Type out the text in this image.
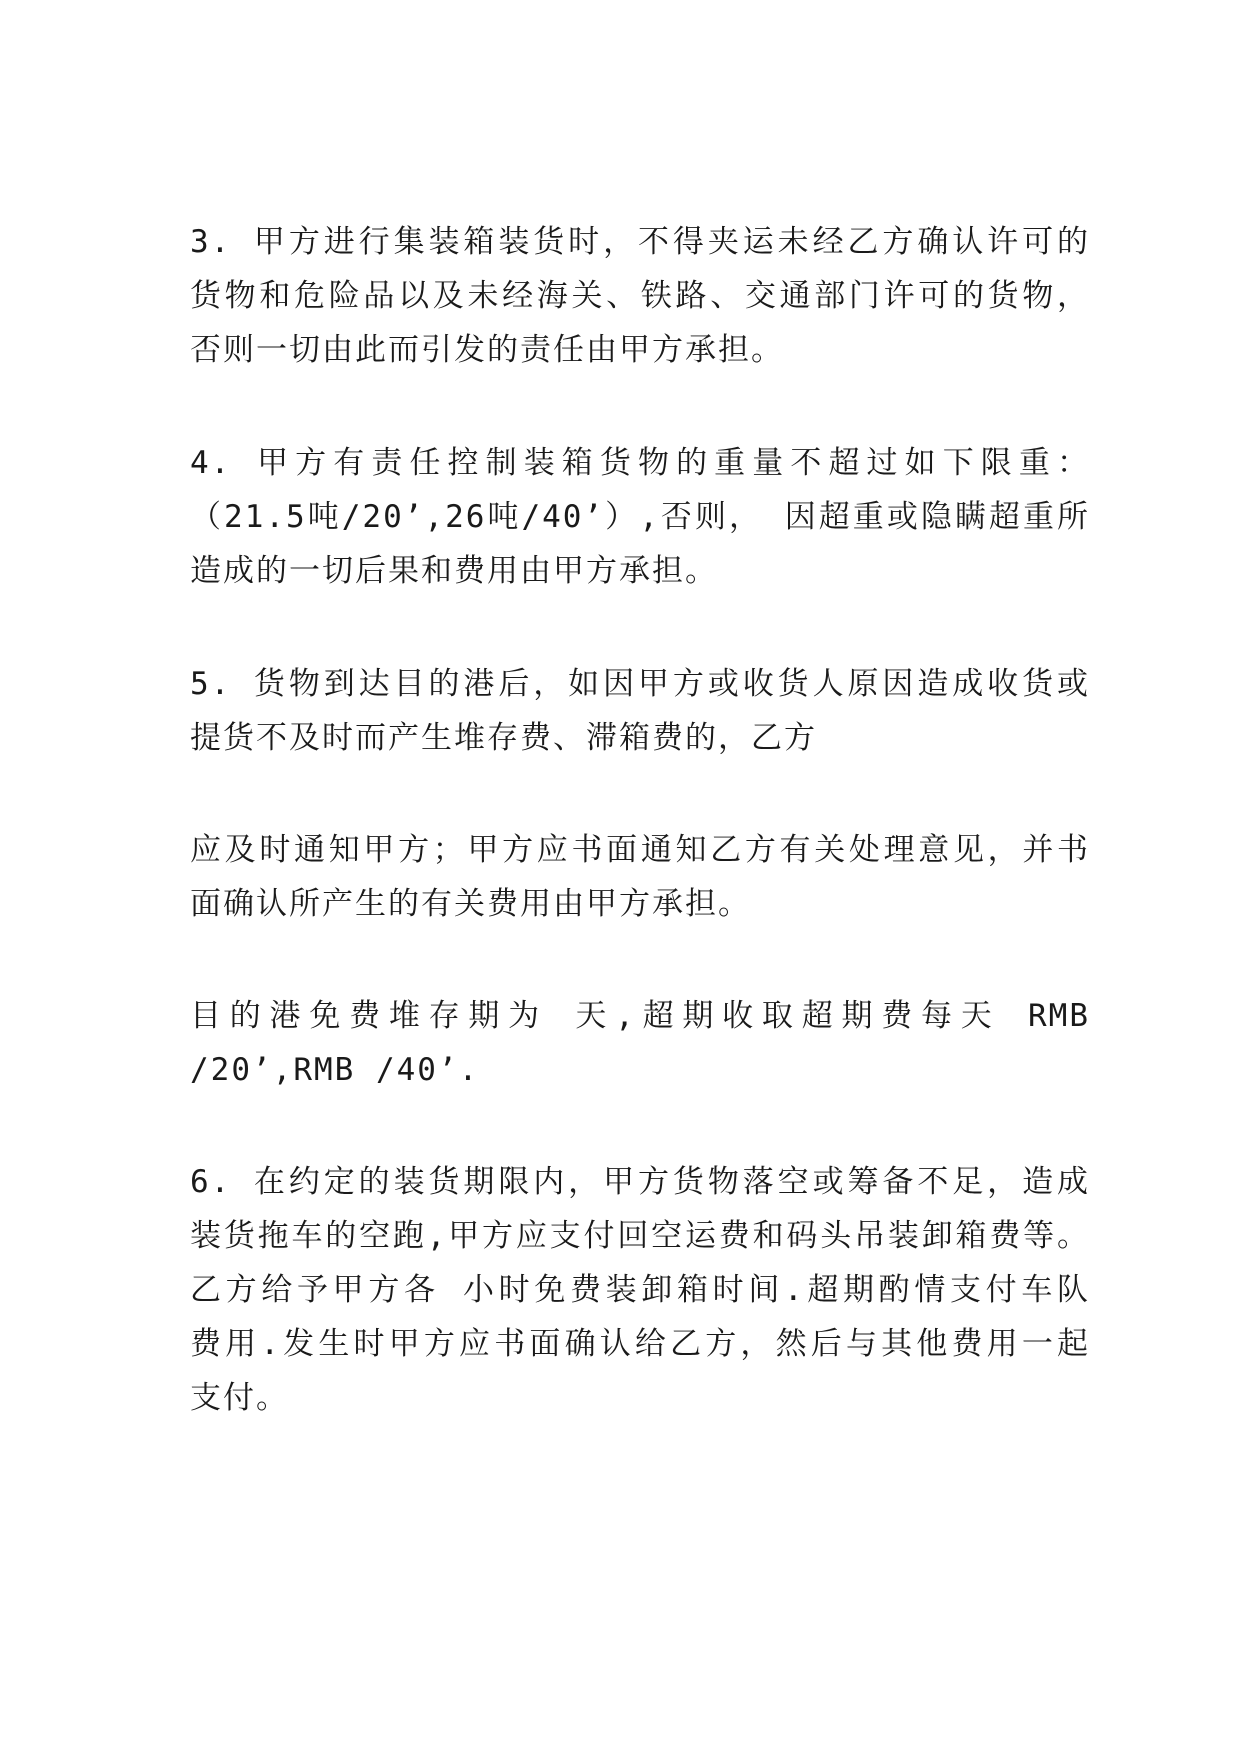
3. 甲方进行集装箱装货时，不得夹运未经乙方确认许可的
货物和危险品以及未经海关、铁路、交通部门许可的货物，
否则一切由此而引发的责任由甲方承担。
4. 甲方有责任控制装箱货物的重量不超过如下限重：
（21.5吨/20’,26吨/40’）,否则， 因超重或隐瞒超重所
造成的一切后果和费用由甲方承担。
5. 货物到达目的港后，如因甲方或收货人原因造成收货或
提货不及时而产生堆存费、滞箱费的，乙方
应及时通知甲方；甲方应书面通知乙方有关处理意见，并书
面确认所产生的有关费用由甲方承担。
目的港免费堆存期为 天,超期收取超期费每天 RMB
/20’,RMB /40’.
6. 在约定的装货期限内，甲方货物落空或筹备不足，造成
装货拖车的空跑,甲方应支付回空运费和码头吊装卸箱费等。
乙方给予甲方各 小时免费装卸箱时间.超期酌情支付车队
费用.发生时甲方应书面确认给乙方，然后与其他费用一起
支付。
